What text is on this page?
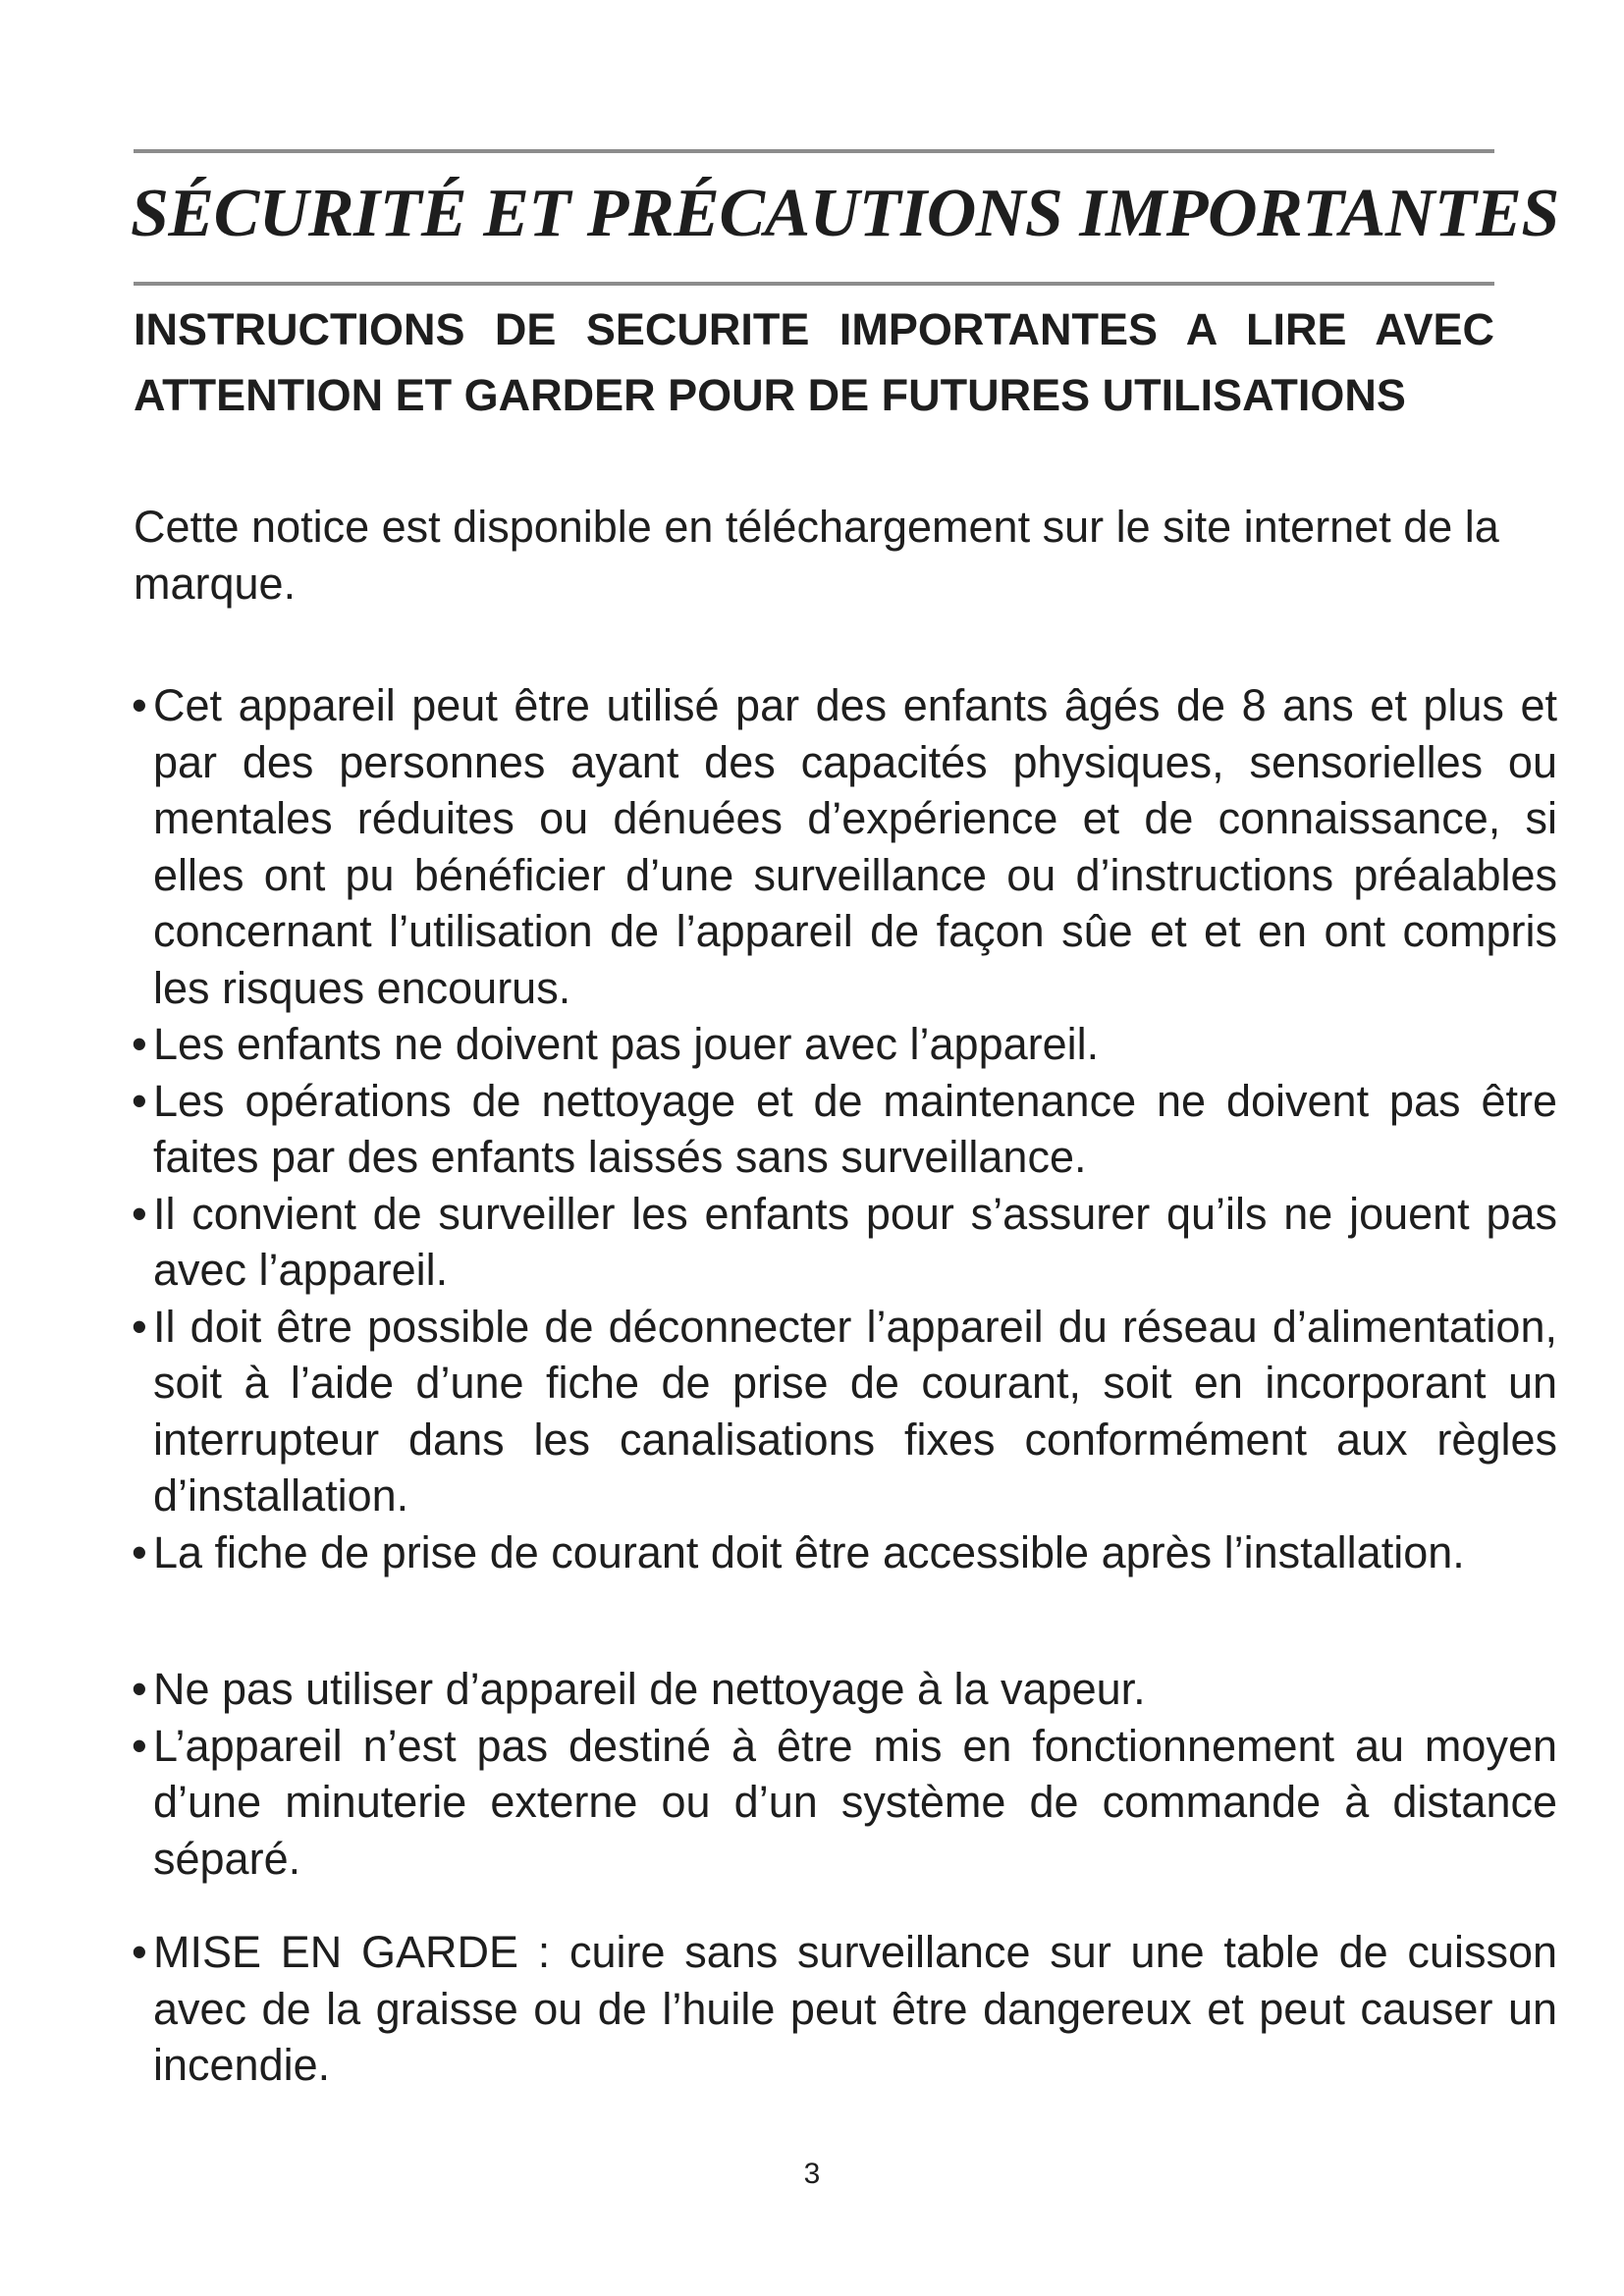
SÉCURITÉ ET PRÉCAUTIONS IMPORTANTES

INSTRUCTIONS DE SECURITE IMPORTANTES A LIRE AVEC ATTENTION ET GARDER POUR DE FUTURES UTILISATIONS

Cette notice est disponible en téléchargement sur le site internet de la marque.

• Cet appareil peut être utilisé par des enfants âgés de 8 ans et plus et par des personnes ayant des capacités physiques, sensorielles ou mentales réduites ou dénuées d’expérience et de connaissance, si elles ont pu bénéficier d’une surveillance ou d’instructions préalables concernant l’utilisation de l’appareil de façon sûe et et en ont compris les risques encourus.
• Les enfants ne doivent pas jouer avec l’appareil.
• Les opérations de nettoyage et de maintenance ne doivent pas être faites par des enfants laissés sans surveillance.
• Il convient de surveiller les enfants pour s’assurer qu’ils ne jouent pas avec l’appareil.
• Il doit être possible de déconnecter l’appareil du réseau d’alimentation, soit à l’aide d’une fiche de prise de courant, soit en incorporant un interrupteur dans les canalisations fixes conformément aux règles d’installation.
• La fiche de prise de courant doit être accessible après l’installation.
• Ne pas utiliser d’appareil de nettoyage à la vapeur.
• L’appareil n’est pas destiné à être mis en fonctionnement au moyen d’une minuterie externe ou d’un système de commande à distance séparé.
• MISE EN GARDE : cuire sans surveillance sur une table de cuisson avec de la graisse ou de l’huile peut être dangereux et peut causer un incendie.
3
